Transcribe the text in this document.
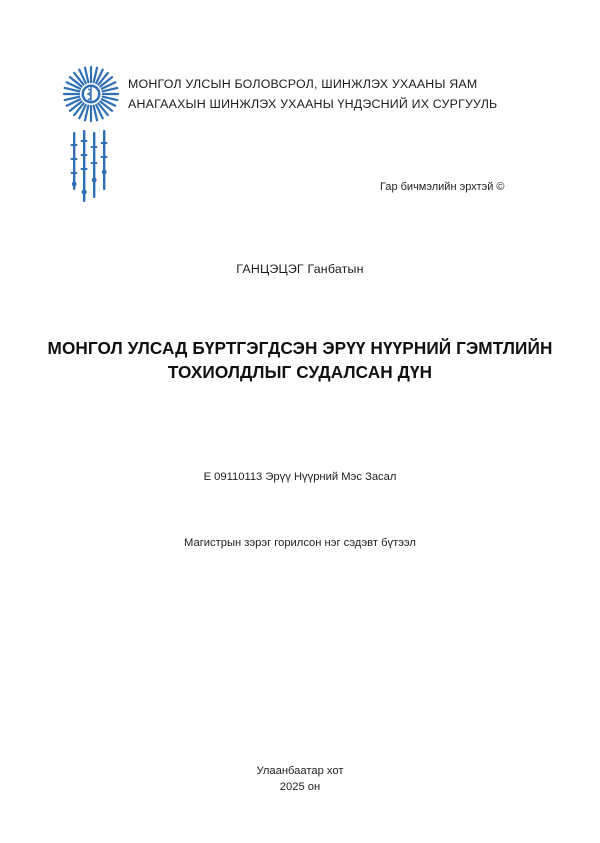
МОНГОЛ УЛСЫН БОЛОВСРОЛ, ШИНЖЛЭХ УХААНЫ ЯАМ
АНАГААХЫН ШИНЖЛЭХ УХААНЫ ҮНДЭСНИЙ ИХ СУРГУУЛЬ
Гар бичмэлийн эрхтэй ©
ГАНЦЭЦЭГ Ганбатын
МОНГОЛ УЛСАД БҮРТГЭГДСЭН ЭРҮҮ НҮҮРНИЙ ГЭМТЛИЙН
ТОХИОЛДЛЫГ СУДАЛСАН ДҮН
E 09110113 Эрүү Нүүрний Мэс Засал
Магистрын зэрэг горилсон нэг сэдэвт бүтээл
Улаанбаатар хот
2025 он
